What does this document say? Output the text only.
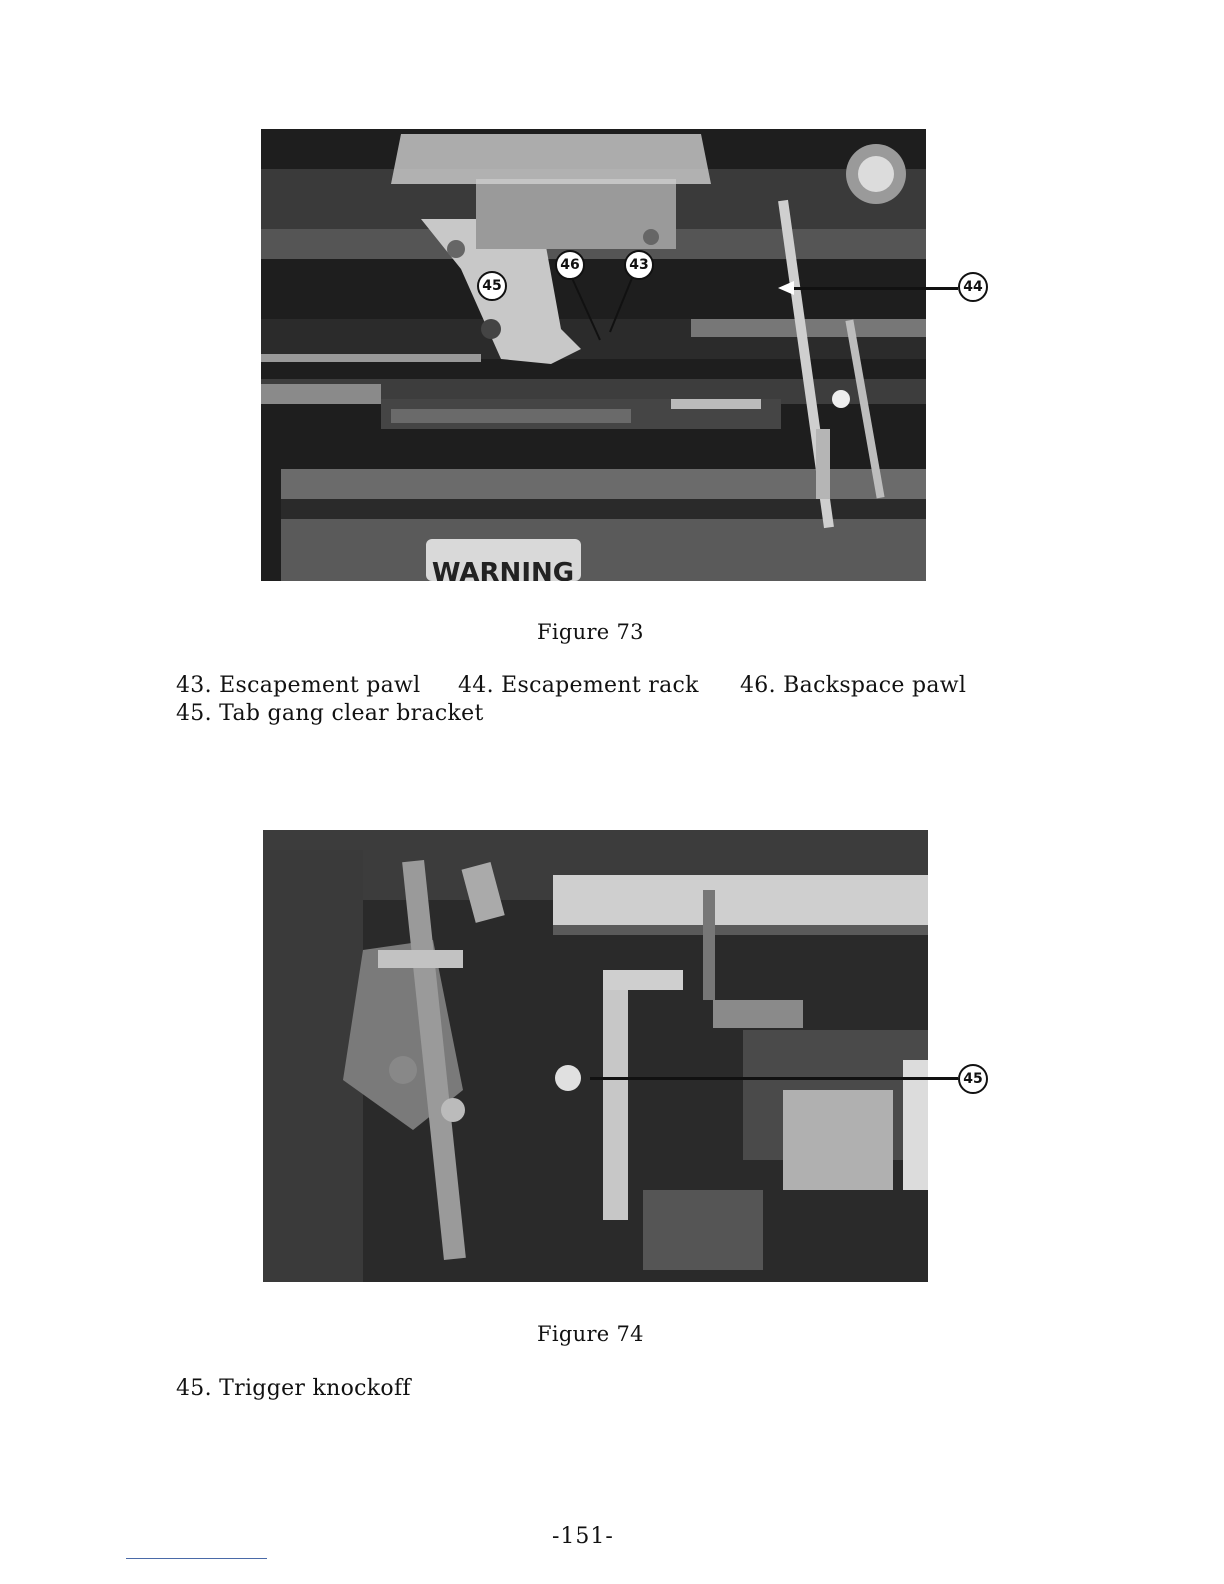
WARNING
45
46	43
44
Figure 73
43. Escapement pawl 44. Escapement rack 46. Backspace pawl
45. Tab gang clear bracket
45
Figure 74
45. Trigger knockoff
-151-
